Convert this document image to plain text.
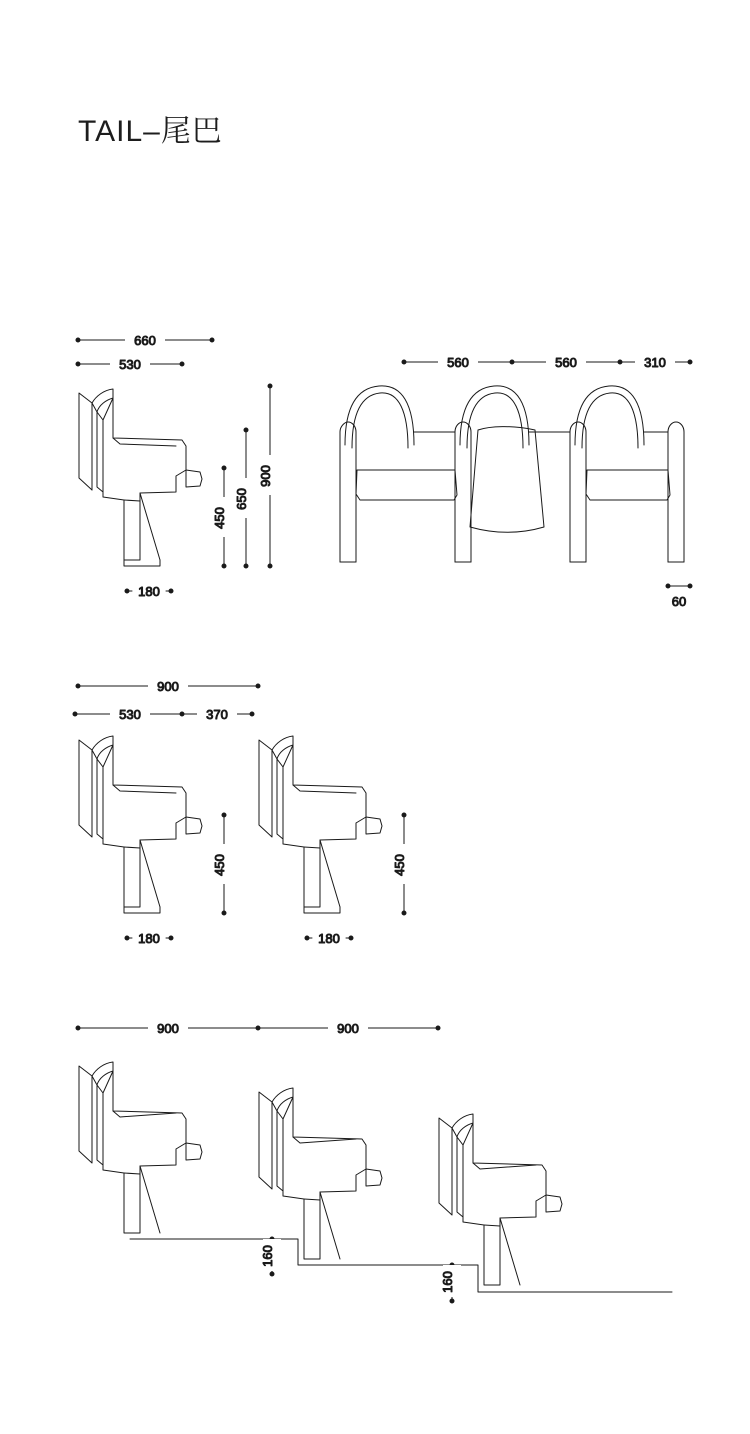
TAIL–尾巴
660
530
900
650
450
180
560	560	310
60
900
530	370
450	450
180	180
900	900
160
160
